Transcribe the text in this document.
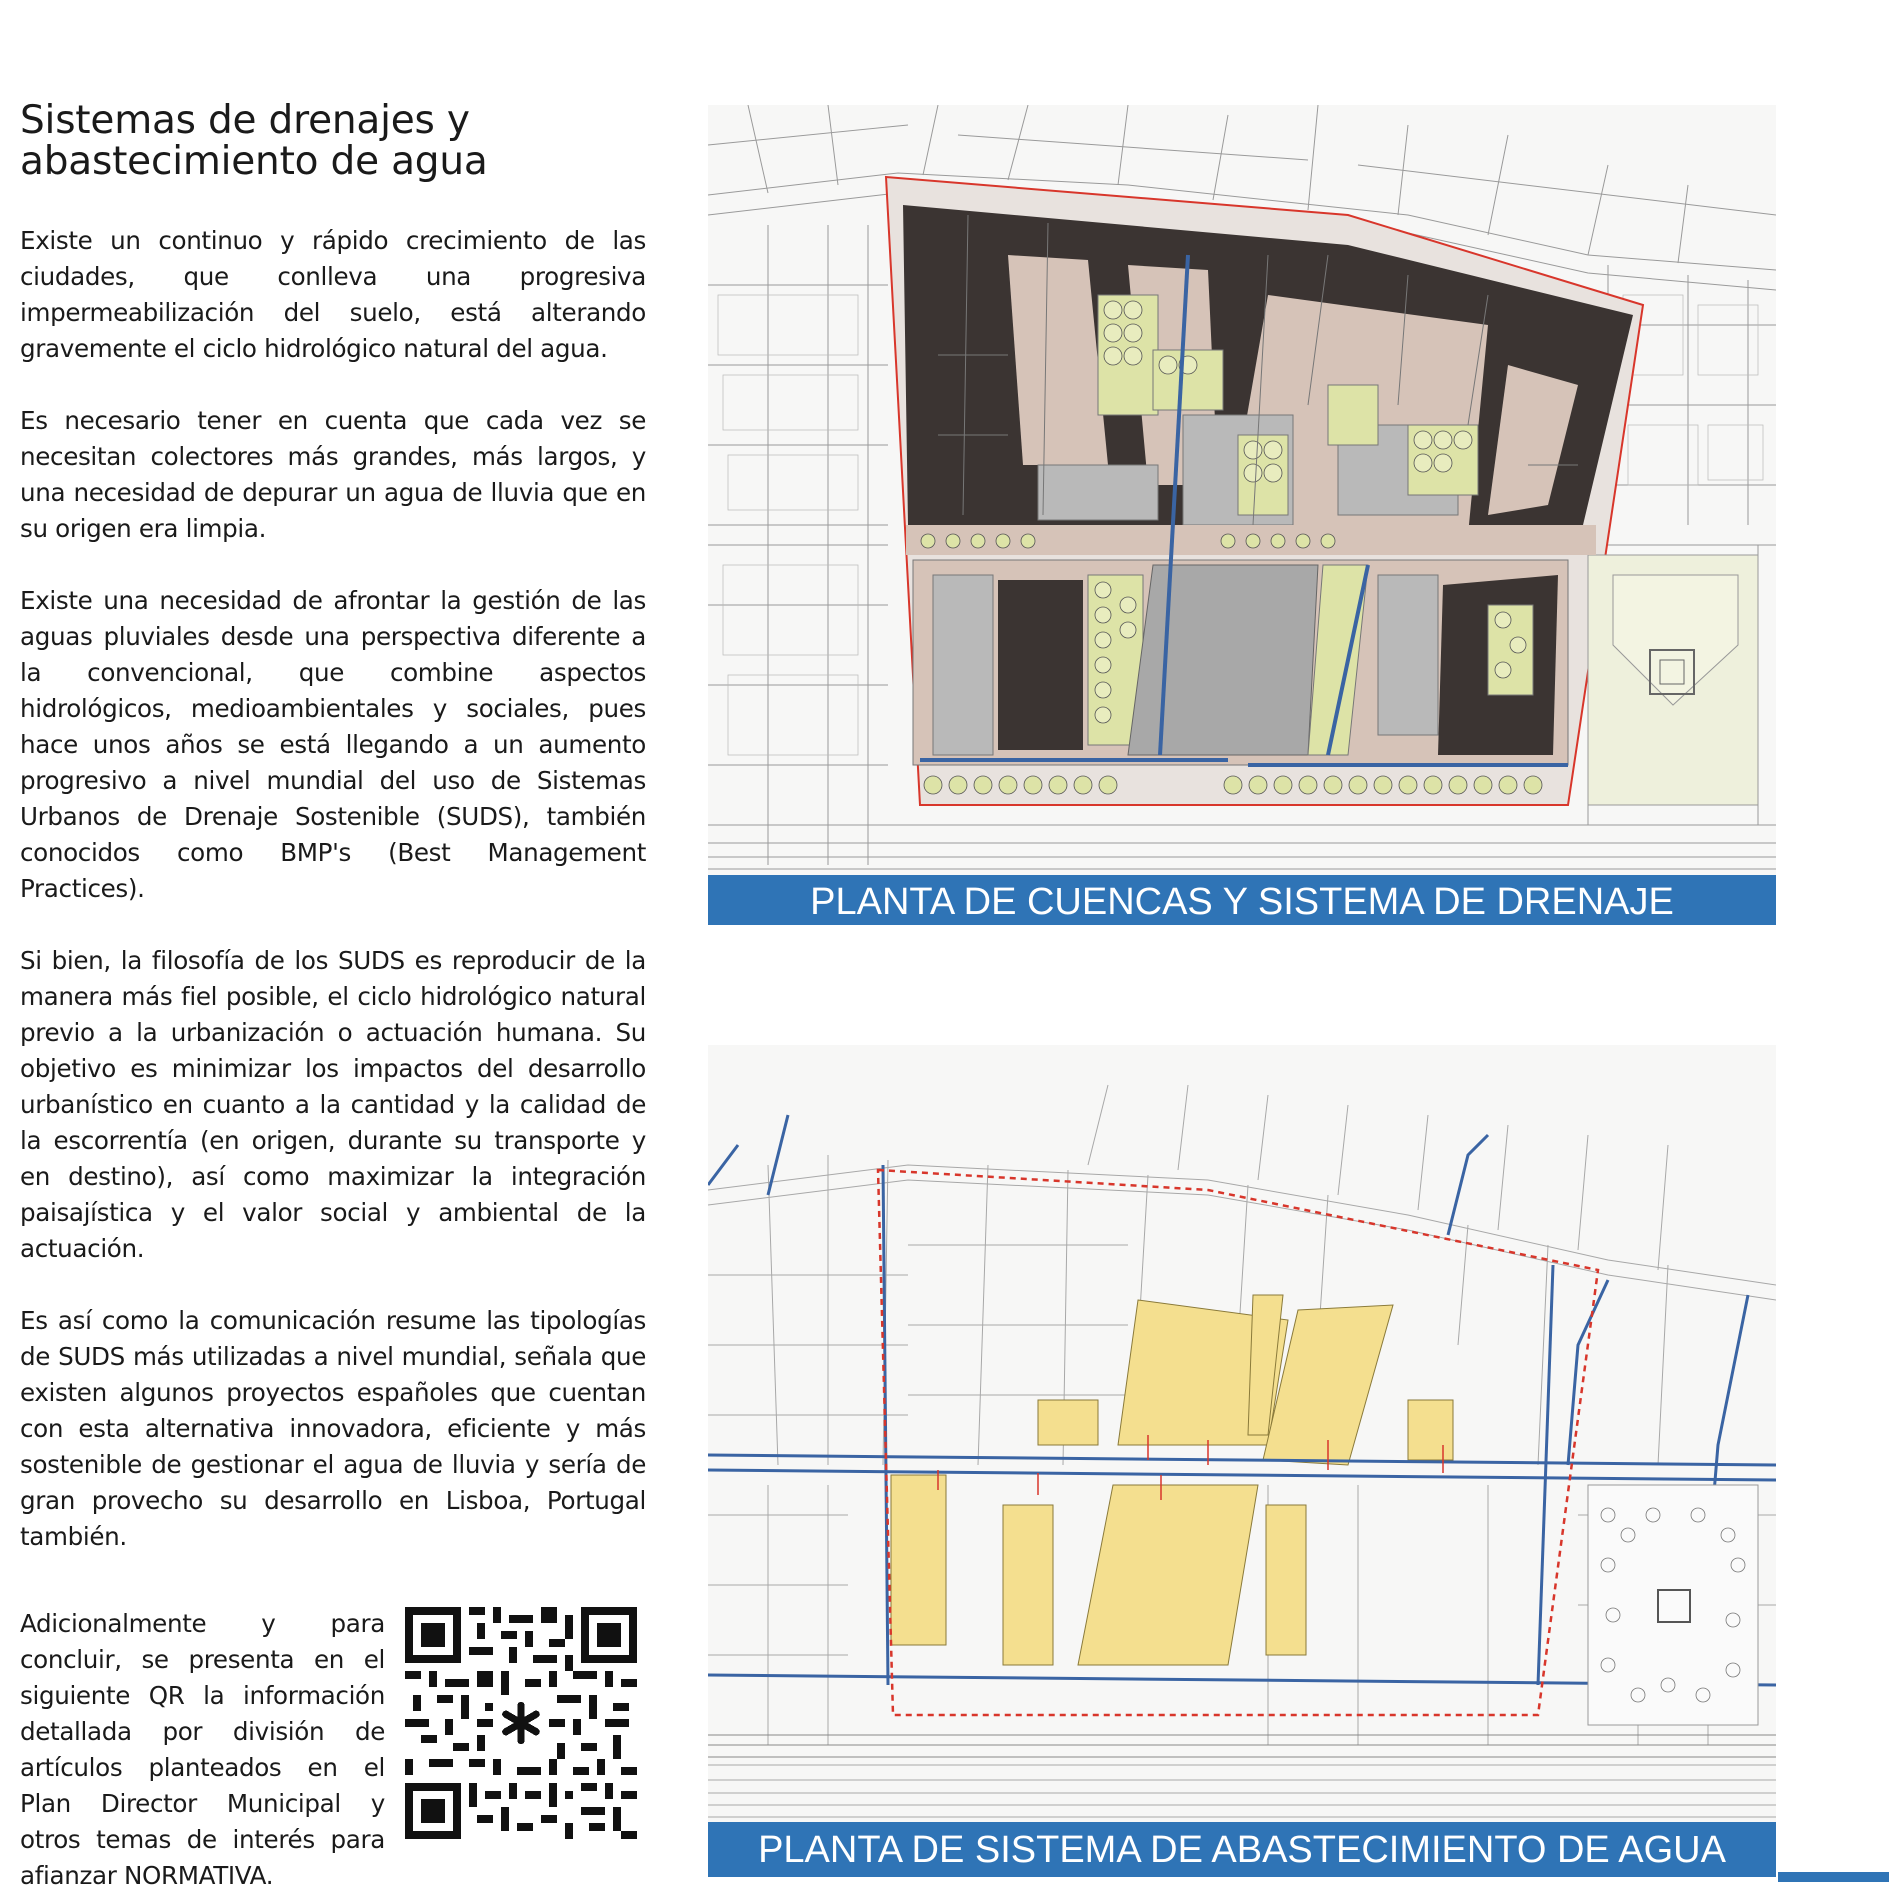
Sistemas de drenajes y
abastecimiento de agua

Existe un continuo y rápido crecimiento de las ciudades, que conlleva una progresiva impermeabilización del suelo, está alterando gravemente el ciclo hidrológico natural del agua.

Es necesario tener en cuenta que cada vez se necesitan colectores más grandes, más largos, y una necesidad de depurar un agua de lluvia que en su origen era limpia.

Existe una necesidad de afrontar la gestión de las aguas pluviales desde una perspectiva diferente a la convencional, que combine aspectos hidrológicos, medioambientales y sociales, pues hace unos años se está llegando a un aumento progresivo a nivel mundial del uso de Sistemas Urbanos de Drenaje Sostenible (SUDS), también conocidos como BMP's (Best Management Practices).

Si bien, la filosofía de los SUDS es reproducir de la manera más fiel posible, el ciclo hidrológico natural previo a la urbanización o actuación humana. Su objetivo es minimizar los impactos del desarrollo urbanístico en cuanto a la cantidad y la calidad de la escorrentía (en origen, durante su transporte y en destino), así como maximizar la integración paisajística y el valor social y ambiental de la actuación.

Es así como la comunicación resume las tipologías de SUDS más utilizadas a nivel mundial, señala que existen algunos proyectos españoles que cuentan con esta alternativa innovadora, eficiente y más sostenible de gestionar el agua de lluvia y sería de gran provecho su desarrollo en Lisboa, Portugal también.

Adicionalmente y para concluir, se presenta en el siguiente QR la información detallada por división de artículos planteados en el Plan Director Municipal y otros temas de interés para afianzar NORMATIVA.

PLANTA DE CUENCAS Y SISTEMA DE DRENAJE
PLANTA DE SISTEMA DE ABASTECIMIENTO DE AGUA
